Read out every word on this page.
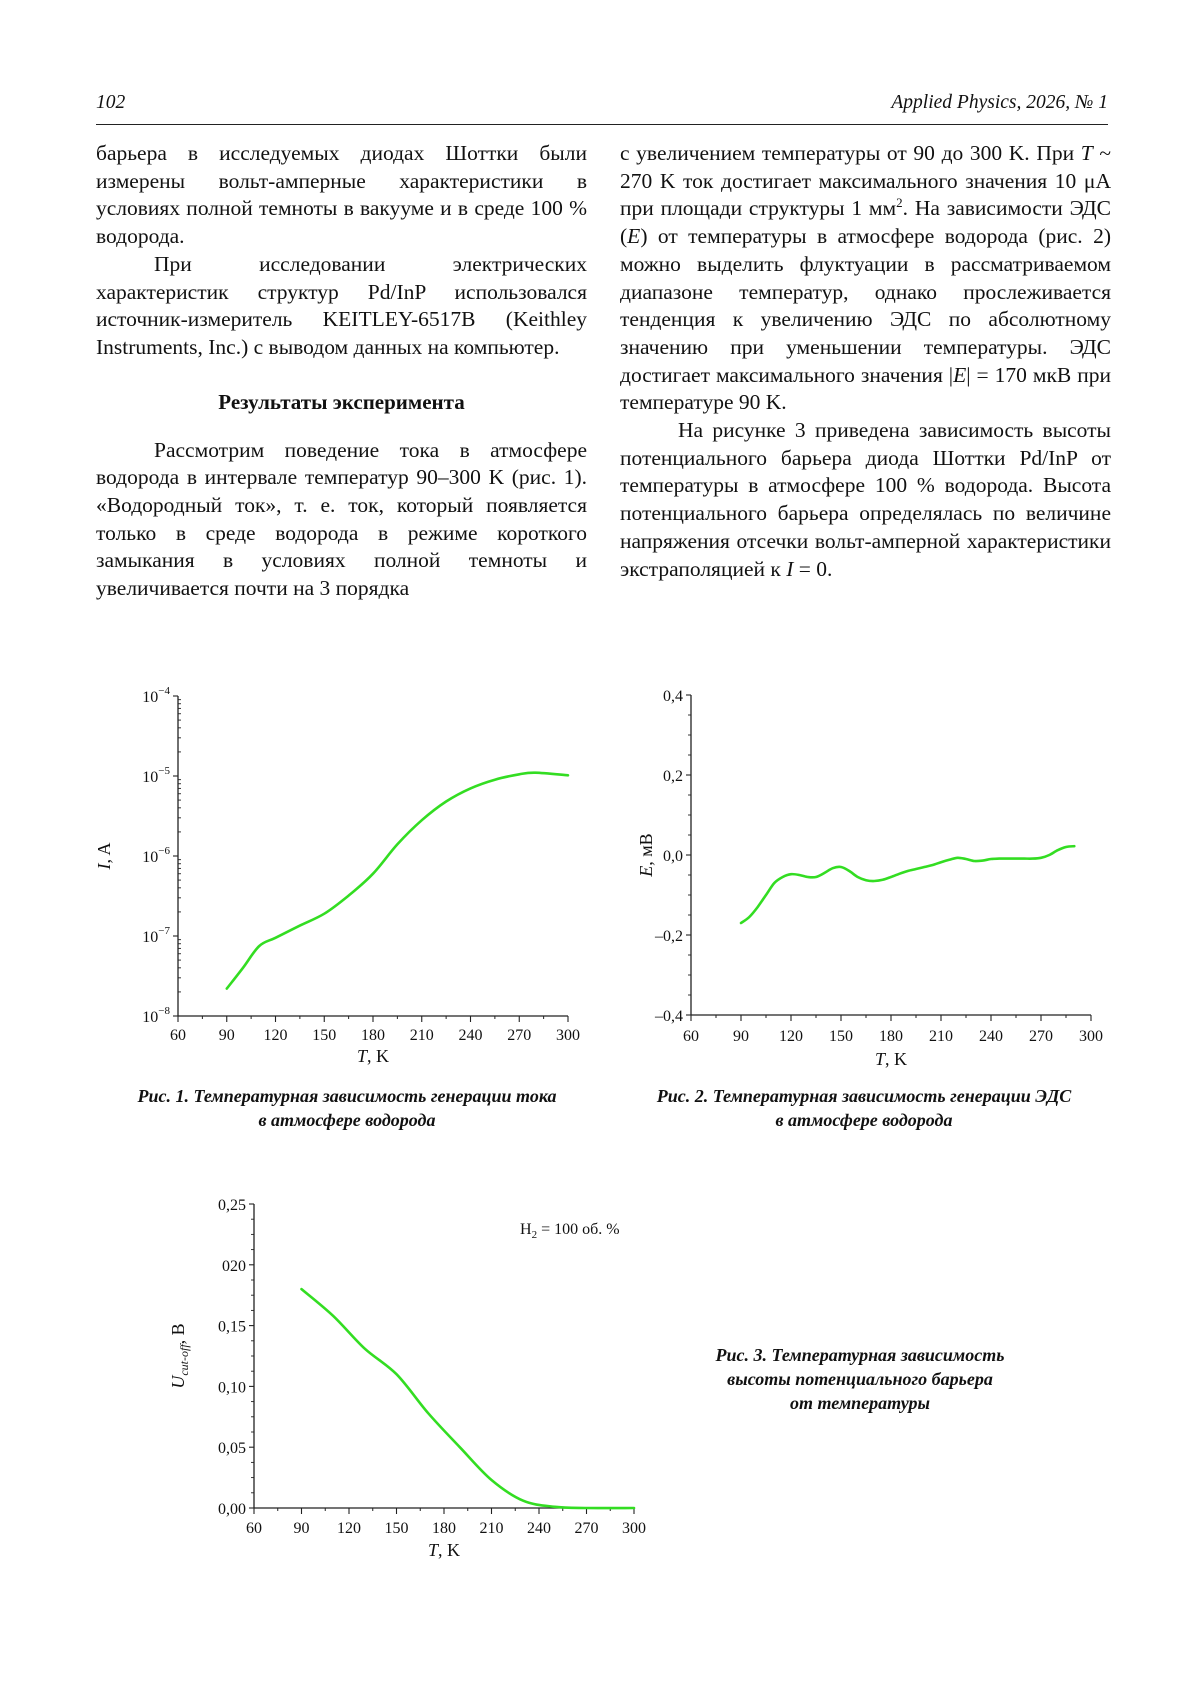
102	Applied Physics, 2026, № 1

барьера в исследуемых диодах Шоттки были измерены вольт-амперные характеристики в условиях полной темноты в вакууме и в среде 100 % водорода.

При исследовании электрических характеристик структур Pd/InP использовался источник-измеритель KEITLEY-6517B (Keithley Instruments, Inc.) с выводом данных на компьютер.

Результаты эксперимента

Рассмотрим поведение тока в атмосфере водорода в интервале температур 90–300 K (рис. 1). «Водородный ток», т. е. ток, который появляется только в среде водорода в режиме короткого замыкания в условиях полной темноты и увеличивается почти на 3 порядка

с увеличением температуры от 90 до 300 K. При T ~ 270 K ток достигает максимального значения 10 μA при площади структуры 1 $мм^2$. На зависимости ЭДС (E) от температуры в атмосфере водорода (рис. 2) можно выделить флуктуации в рассматриваемом диапазоне температур, однако прослеживается тенденция к увеличению ЭДС по абсолютному значению при уменьшении температуры. ЭДС достигает максимального значения |E| = 170 мкВ при температуре 90 K.

На рисунке 3 приведена зависимость высоты потенциального барьера диода Шоттки Pd/InP от температуры в атмосфере 100 % водорода. Высота потенциального барьера определялась по величине напряжения отсечки вольт-амперной характеристики экстраполяцией к I = 0.

60 90 120 150 180 210 240 270 300
$10^{-8}$
$10^{-7}$
$10^{-6}$
$10^{-5}$
$10^{-4}$
T, K
I, A
Рис. 1. Температурная зависимость генерации тока
в атмосфере водорода
60 90 120 150 180 210 240 270 300
0,4
0,2
0,0
–0,2
–0,4
T, K
E, мВ
Рис. 2. Температурная зависимость генерации ЭДС
в атмосфере водорода
60 90 120 150 180 210 240 270 300
0,25
020
0,15
0,10
0,05
0,00
T, K
$U_{cut-off}$, В
$H_2 = 100$ об. %
Рис. 3. Температурная зависимость
высоты потенциального барьера
от температуры
